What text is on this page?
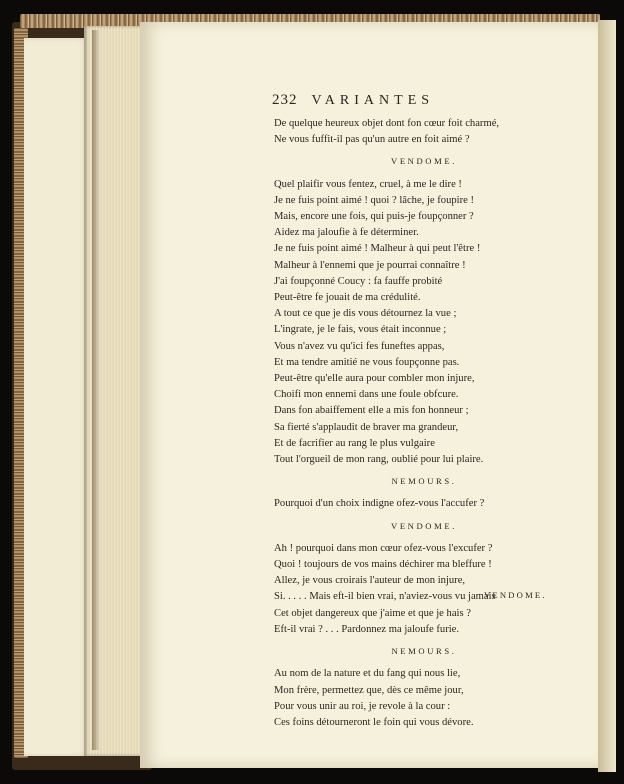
232 VARIANTES
De quelque heureux objet dont fon cœur foit charmé,
Ne vous fuffit-il pas qu'un autre en foit aimé ?
VENDOME.
Quel plaifir vous fentez, cruel, à me le dire !
Je ne fuis point aimé ! quoi ? lâche, je foupire !
Mais, encore une fois, qui puis-je foupçonner ?
Aidez ma jaloufie à fe déterminer.
Je ne fuis point aimé ! Malheur à qui peut l'être !
Malheur à l'ennemi que je pourrai connaître !
J'ai foupçonné Coucy : fa fauffe probité
Peut-être fe jouait de ma crédulité.
A tout ce que je dis vous détournez la vue ;
L'ingrate, je le fais, vous était inconnue ;
Vous n'avez vu qu'ici fes funeftes appas,
Et ma tendre amitié ne vous foupçonne pas.
Peut-être qu'elle aura pour combler mon injure,
Choifi mon ennemi dans une foule obfcure.
Dans fon abaiffement elle a mis fon honneur ;
Sa fierté s'applaudit de braver ma grandeur,
Et de facrifier au rang le plus vulgaire
Tout l'orgueil de mon rang, oublié pour lui plaire.
NEMOURS.
Pourquoi d'un choix indigne ofez-vous l'accufer ?
VENDOME.
Ah ! pourquoi dans mon cœur ofez-vous l'excufer ?
Quoi ! toujours de vos mains déchirer ma bleffure !
Allez, je vous croirais l'auteur de mon injure,
Si. . . . . Mais eft-il bien vrai, n'aviez-vous vu jamais
Cet objet dangereux que j'aime et que je hais ?
Eft-il vrai ? . . . Pardonnez ma jaloufe furie.
NEMOURS.
Au nom de la nature et du fang qui nous lie,
Mon frère, permettez que, dès ce même jour,
Pour vous unir au roi, je revole à la cour :
Ces foins détourneront le foin qui vous dévore.
VENDOME.
